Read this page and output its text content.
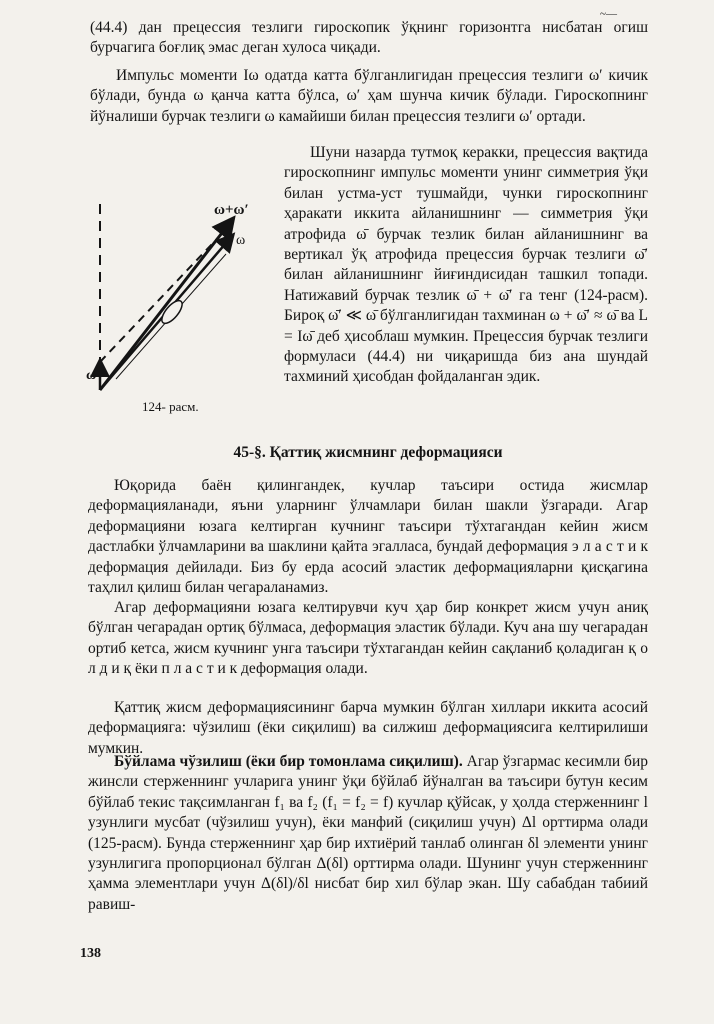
~—

(44.4) дан прецессия тезлиги гироскопик ўқнинг горизонтга нисбатан огиш бурчагига боғлиқ эмас деган хулоса чиқади.

Импульс моменти Iω одатда катта бўлганлигидан прецессия тезлиги ω′ кичик бўлади, бунда ω қанча катта бўлса, ω′ ҳам шунча кичик бўлади. Гироскопнинг йўналиши бурчак тезлиги ω камайиши билан прецессия тезлиги ω′ ортади.

ω+ω′
ω
ω′
124- расм.

Шуни назарда тутмоқ керакки, прецессия вақтида гироскопнинг импульс моменти унинг симметрия ўқи билан устма-уст тушмайди, чунки гироскопнинг ҳаракати иккита айланишнинг — симметрия ўқи атрофида ω̄ бурчак тезлик билан айланишнинг ва вертикал ўқ атрофида прецессия бурчак тезлиги ω̄′ билан айланишнинг йиғиндисидан ташкил топади. Натижавий бурчак тезлик ω̄ + ω̄′ га тенг (124-расм). Бироқ ω̄′ ≪ ω̄ бўлганлигидан тахминан ω + ω̄′ ≈ ω̄ ва L = Iω̄ деб ҳисоблаш мумкин. Прецессия бурчак тезлиги формуласи (44.4) ни чиқаришда биз ана шундай тахминий ҳисобдан фойдаланган эдик.

45-§. Қаттиқ жисмнинг деформацияси

Юқорида баён қилингандек, кучлар таъсири остида жисмлар деформацияланади, яъни уларнинг ўлчамлари билан шакли ўзгаради. Агар деформацияни юзага келтирган кучнинг таъсири тўхтагандан кейин жисм дастлабки ўлчамларини ва шаклини қайта эгалласа, бундай деформация э л а с т и к деформация дейилади. Биз бу ерда асосий эластик деформацияларни қисқагина таҳлил қилиш билан чегараланамиз.

Агар деформацияни юзага келтирувчи куч ҳар бир конкрет жисм учун аниқ бўлган чегарадан ортиқ бўлмаса, деформация эластик бўлади. Куч ана шу чегарадан ортиб кетса, жисм кучнинг унга таъсири тўхтагандан кейин сақланиб қоладиган қ о л д и қ ёки п л а с т и к деформация олади.

Қаттиқ жисм деформациясининг барча мумкин бўлган хиллари иккита асосий деформацияга: чўзилиш (ёки сиқилиш) ва силжиш деформациясига келтирилиши мумкин.

Бўйлама чўзилиш (ёки бир томонлама сиқилиш). Агар ўзгармас кесимли бир жинсли стерженнинг учларига унинг ўқи бўйлаб йўналган ва таъсири бутун кесим бўйлаб текис тақсимланган f₁ ва f₂ (f₁ = f₂ = f) кучлар қўйсак, у ҳолда стерженнинг l узунлиги мусбат (чўзилиш учун), ёки манфий (сиқилиш учун) Δl орттирма олади (125-расм). Бунда стерженнинг ҳар бир ихтиёрий танлаб олинган δl элементи унинг узунлигига пропорционал бўлган Δ(δl) орттирма олади. Шунинг учун стерженнинг ҳамма элементлари учун Δ(δl)/δl нисбат бир хил бўлар экан. Шу сабабдан табиий равиш-

138
